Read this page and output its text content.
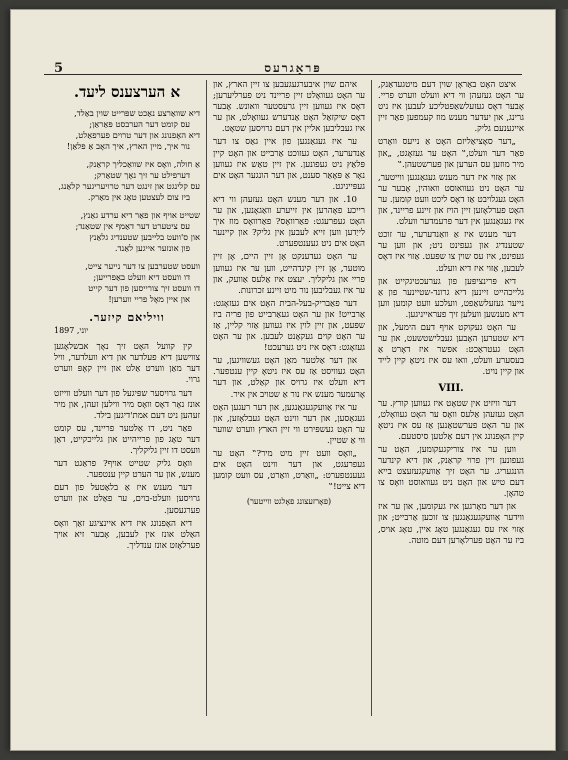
5	פּראָגרעס
א הערצענס ליעד.
דיא שוואַרצע נאַכט שפּרייט שוין באַלד,
עס קומט דער הערבסט פּאַראַן;
דיא האָפנונג און דער טרוים פערפאַלט,
נור איך, מיין הארץ, איך האָב אַ פּלאַן!
אַ חולה, וואָס איז שוואַכליך קראַנק,
דערפילט ער זיך נאָך שטאַרק;
עס קלינגט און זינגט דער טרויעריגער קלאַנג,
ביז צום לעצטען טאָג אין מאַרק.
שטייט אויף און פאַר דיא ערדע גאַנץ,
עס ציטערט דער דאַמף אין שטאַנד;
און ס'וועט בלייבען שטענדיג גלאַנץ
פון אונזער אייגען לאַנד.
וועסט שטערבען צו דער נייער צייט,
דו וועסט דיא וועלט באַפרייען;
דו וועסט זיך צורייסען פון דער קייט
און איין מאָל פריי ווערען!
וויליאם קיזער.
1897 ,יוני

קין קוועל האָט זיך נאָך אבשלאָגען צווישען דיא פעלדער און דיא וועלדער, וויל דער מאַן ווערט אַלט און זיין קאָפּ ווערט גרוי.

דער גרויסער שפּיגעל פון דער וועלט ווייזט אונז נאָר דאָס וואָס מיר ווילען זעהן, און מיר זעהען ניט דעם אמת'דיגען בילד.

פאַר ניט, דו אַלטער פריינד, עס קומט דער טאָג פון פרייהייט און גלייכקייט, דאַן וועסט דו זיין גליקליך.

וואָס גליק שטייט אויף? פראַגט דער מענש, און ער הערט קיין ענטפער.

דער מענש איז אַ בלאַטעל פון דעם גרויסען וועלט-בוים, ער פאַלט און ווערט פערגעסען.

דיא האָפנונג איז דיא איינציגע זאַך וואָס האַלט אונז אין לעבען, אָבער זיא אויך פערלאָזט אונז ענדליך.

איהם שוין איבערגעגעבען צו זיין הארץ, און ער האָט געוואָלט זיין פריינד ניט פערליערען; דאָס איז געווען זיין גרעסטער וואונש. אָבער דאָס שיקזאַל האָט אַנדערש געוואָלט, און ער איז געבליבען אליין אין דעם גרויסען שטאָט.

ער איז געגאַנגען פון איין גאַס צו דער אַנדערער, האָט געזוכט אַרבייט און האָט קיין פּלאַץ ניט געפונען. אין זיין טאַש איז געווען נאָר אַ פּאָאַר סענט, און דער הונגער האָט אים געפּייניגט.

10. און דער מענש האָט געזעהן ווי דיא רייכע פאָהרען אין זייערע וואַגאָנען, און ער האָט געפרעגט: פאַרוואָס? פאַרוואָס מוז איך לייַדען ווען זייא לעבען אין גליק? און קיינער האָט אים ניט געענטפערט.

ער האָט געדענקט אָן זיין היים, אָן זיין מוטער, אָן זיין קינדהייט, ווען ער איז געווען פריי און גליקליך. יעצט איז אַלעס אַוועק, און ער איז געבליבען נור מיט זיינע זכרונות.

דער פאַבריק-בעל-הבית האָט אים געזאָגט: אַרבייט! און ער האָט געאַרבייט פון פריה ביז שפּעט, און זיין לוין איז געווען אַזוי קליין, אַז ער האָט קוים געקאָנט לעבען. און ער האָט געזאָגט: דאָס איז ניט גערעכט!

און דער אַלטער מאַן האָט געשוויגען, ער האָט געוויסט אַז עס איז ניטאָ קיין ענטפער. דיא וועלט איז גרויס און קאַלט, און דער אָרעמער מענש איז נור אַ שטויב אין איר.

ער איז אַוועקגעגאַנגען, און דער רעגען האָט געגאָסען, און דער ווינט האָט געבלאָזען, און ער האָט געשפּירט ווי זיין הארץ ווערט שווער ווי אַ שטיין.

„וואָס וועט זיין מיט מיר?‟ האָט ער געפרעגט, און דער ווינט האָט אים געענטפערט: „וואַרט, וואַרט, עס וועט קומען דיא צייט!‟

(פאָרזעצונג פאָלגט ווייטער)

איצט האָט באַראָן שוין דעם מיטגעדאַנק, ער האָט געזעהן ווי דיא וועלט ווערט פריי. אָבער דאָס געזעלשאַפטליכע לעבען איז ניט גרינג, און יעדער מענש מוז קעמפען פאַר זיין אייגענעם גליק.

„דער סאָציאַליזם האָט אַ נייעס וואָרט פאַר דער וועלט,‟ האָט ער געזאָגט, „און מיר מוזען עס הערען און פערשטעהן.‟

און אַזוי איז דער מענש געגאַנגען ווייטער, ער האָט ניט געוואוסט וואוהין, אָבער ער האָט געגלויבט אַז דאָס ליכט וועט קומען. ער האָט פערלאָזען זיין הויז און זיינע פריינד, און איז געגאַנגען אין דער פרעמדער וועלט.

דער מענש איז אַ וואַנדערער, ער זוכט שטענדיג און געפינט ניט; און ווען ער געפינט, איז עס שוין צו שפּעט. אַזוי איז דאָס לעבען, אַזוי איז דיא וועלט.

דיא פּרינציפּען פון גערעכטיגקייט און גלייכהייט זיינען דיא גרונד-שטיינער פון אַ נייער געזעלשאַפט, וועלכע וועט קומען ווען דיא מענשען וועלען זיך פעראייניגען.

ער האָט געקוקט אויף דעם הימעל, און דיא שטערען האָבען געבלישטשעט, און ער האָט געטראַכט: אפשר איז דאָרט אַ בעסערע וועלט, וואו עס איז ניטאָ קיין לייד און קיין נויט.

VIII.

דער וויזיט אין שטאָט איז געווען קורץ. ער האָט געזעהן אַלעס וואָס ער האָט געוואָלט, און ער האָט פערשטאַנען אַז עס איז ניטאָ קיין האָפנונג אין דעם אַלטען סיסטעם.

ווען ער איז צוריקגעקומען, האָט ער געפונען זיין פרוי קראַנק, און דיא קינדער הונגעריג. ער האָט זיך אַוועקגעזעצט בייא דעם טיש און האָט ניט געוואוסט וואָס צו טהאָן.

און דער מאָרגען איז געקומען, און ער איז ווידער אַוועקגעגאַנגען צו זוכען אַרבייט; און אַזוי איז עס געגאַנגען טאָג איין, טאָג אויס, ביז ער האָט פערלאָרען דעם מוטה.
